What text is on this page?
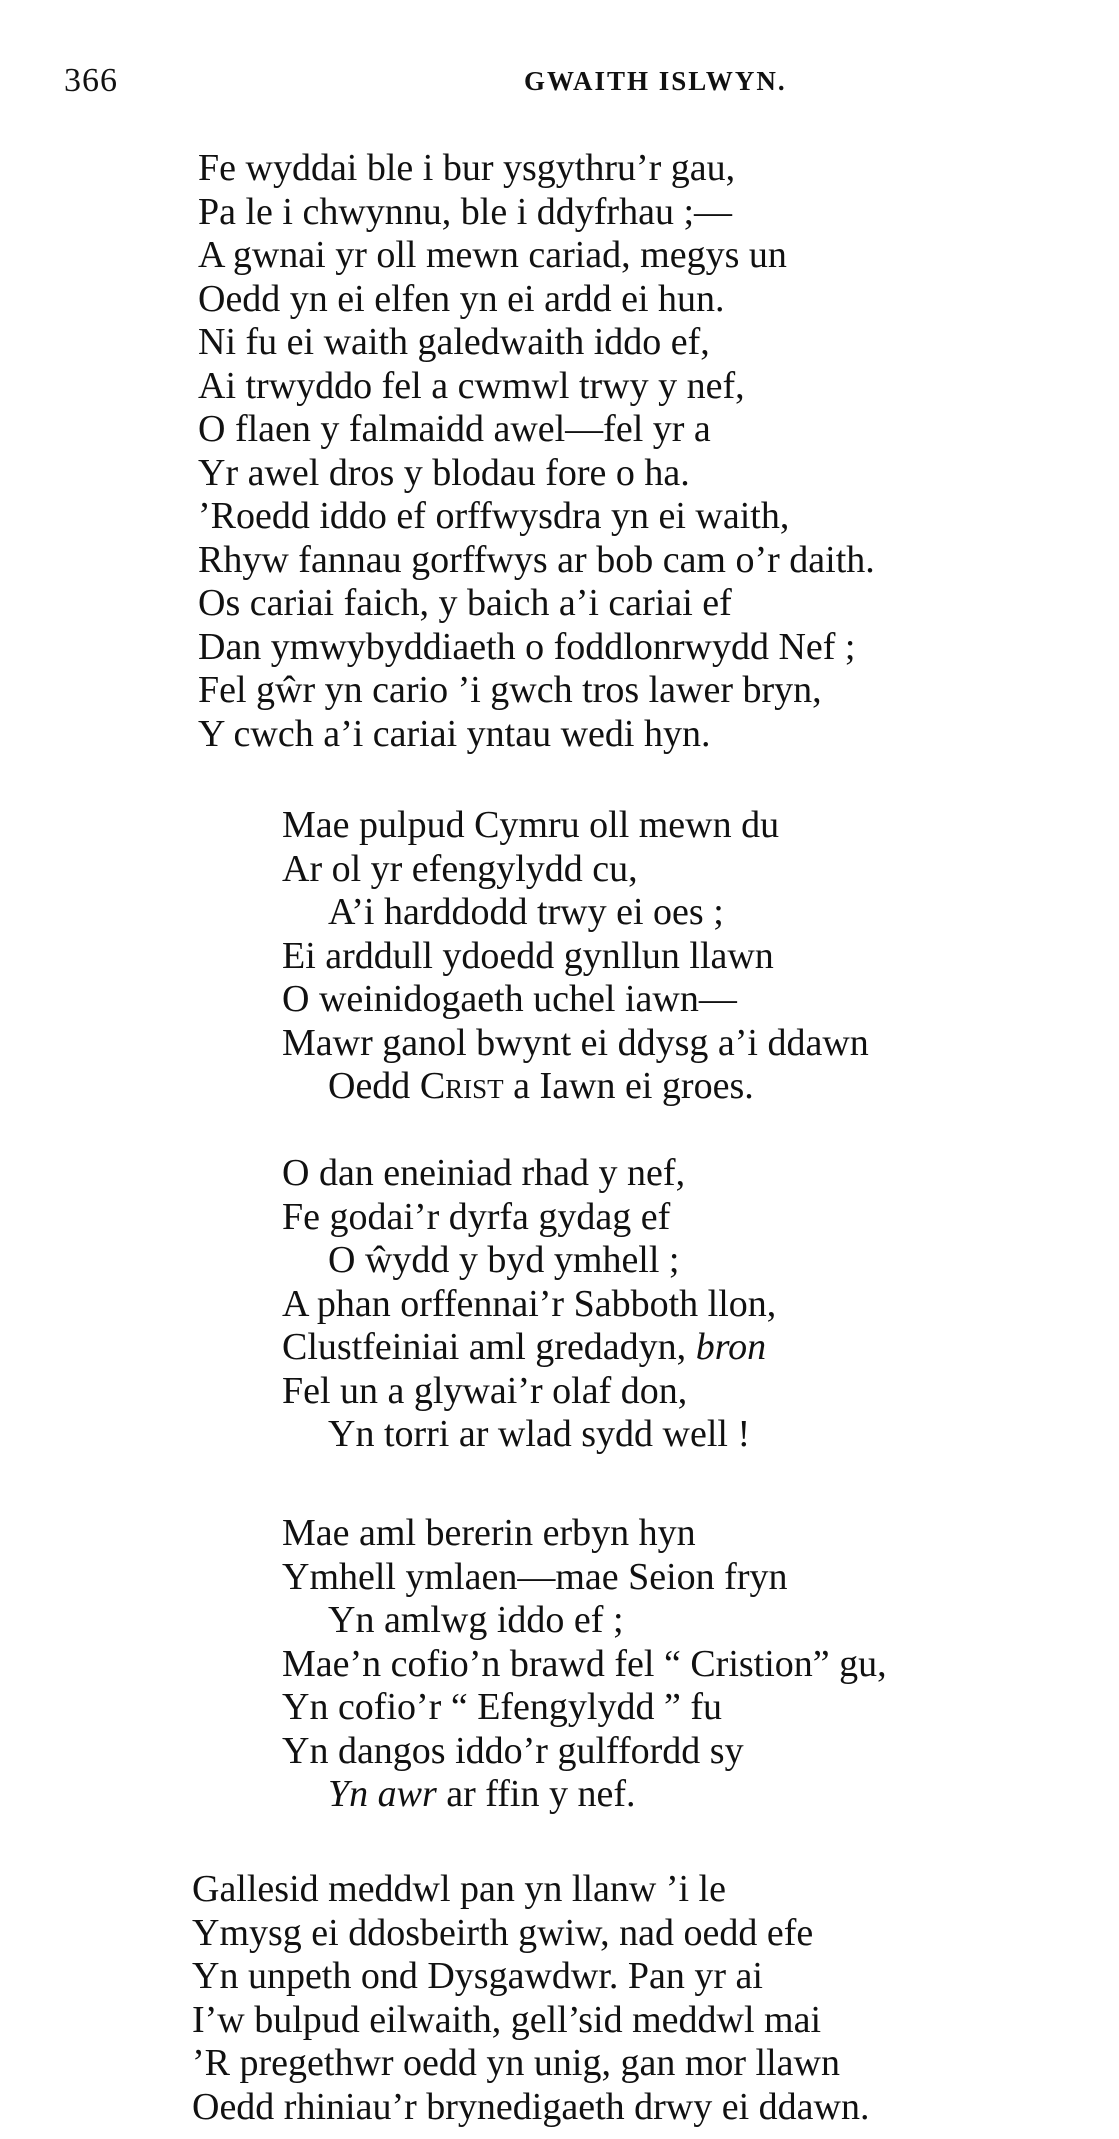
366	GWAITH ISLWYN.
Fe wyddai ble i bur ysgythru’r gau,
Pa le i chwynnu, ble i ddyfrhau ;—
A gwnai yr oll mewn cariad, megys un
Oedd yn ei elfen yn ei ardd ei hun.
Ni fu ei waith galedwaith iddo ef,
Ai trwyddo fel a cwmwl trwy y nef,
O flaen y falmaidd awel—fel yr a
Yr awel dros y blodau fore o ha.
’Roedd iddo ef orffwysdra yn ei waith,
Rhyw fannau gorffwys ar bob cam o’r daith.
Os cariai faich, y baich a’i cariai ef
Dan ymwybyddiaeth o foddlonrwydd Nef ;
Fel gŵr yn cario ’i gwch tros lawer bryn,
Y cwch a’i cariai yntau wedi hyn.
Mae pulpud Cymru oll mewn du
Ar ol yr efengylydd cu,
A’i harddodd trwy ei oes ;
Ei arddull ydoedd gynllun llawn
O weinidogaeth uchel iawn—
Mawr ganol bwynt ei ddysg a’i ddawn
Oedd Crist a Iawn ei groes.
O dan eneiniad rhad y nef,
Fe godai’r dyrfa gydag ef
O ŵydd y byd ymhell ;
A phan orffennai’r Sabboth llon,
Clustfeiniai aml gredadyn, bron
Fel un a glywai’r olaf don,
Yn torri ar wlad sydd well !
Mae aml bererin erbyn hyn
Ymhell ymlaen—mae Seion fryn
Yn amlwg iddo ef ;
Mae’n cofio’n brawd fel “ Cristion” gu,
Yn cofio’r “ Efengylydd ” fu
Yn dangos iddo’r gulffordd sy
Yn awr ar ffin y nef.
Gallesid meddwl pan yn llanw ’i le
Ymysg ei ddosbeirth gwiw, nad oedd efe
Yn unpeth ond Dysgawdwr. Pan yr ai
I’w bulpud eilwaith, gell’sid meddwl mai
’R pregethwr oedd yn unig, gan mor llawn
Oedd rhiniau’r brynedigaeth drwy ei ddawn.
